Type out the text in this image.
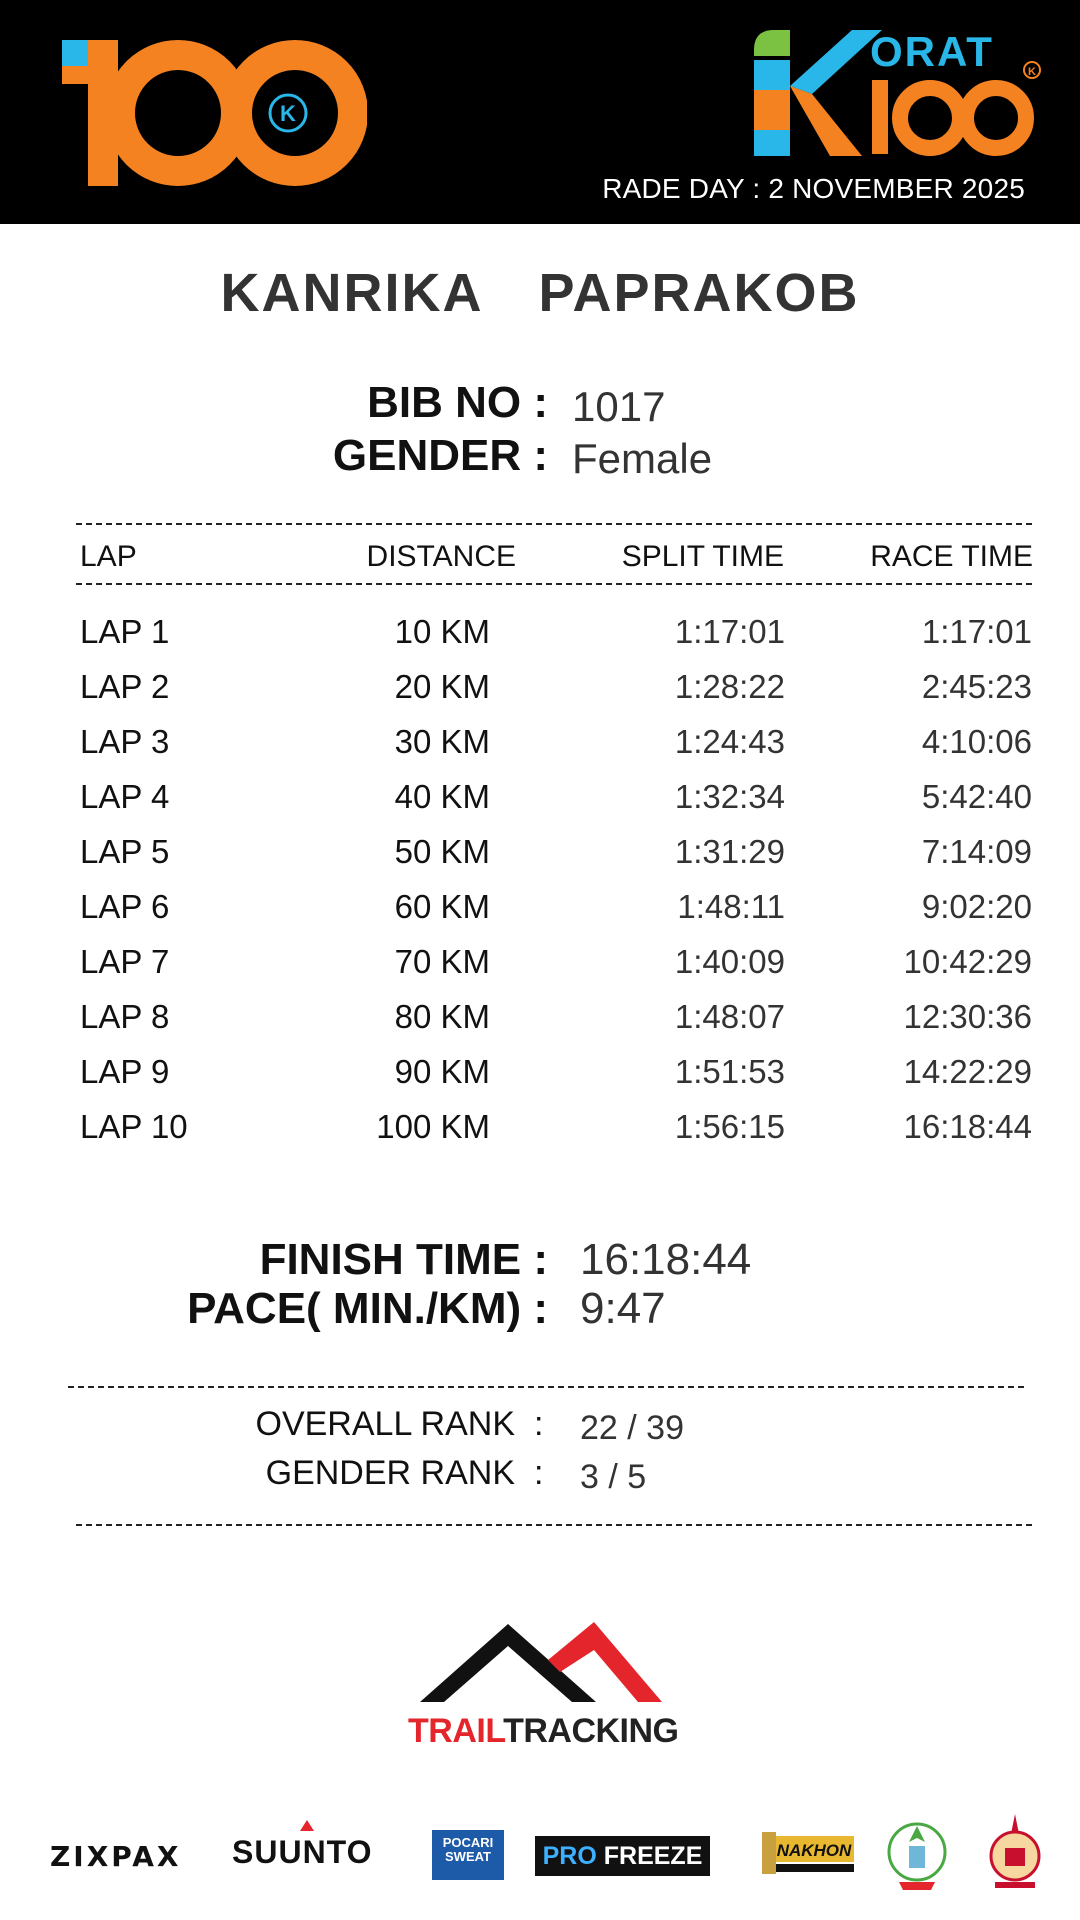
K
ORAT	K
RADE DAY : 2 NOVEMBER 2025
KANRIKA PAPRAKOB
BIB NO : 1017
GENDER : Female
LAP	DISTANCE	SPLIT TIME	RACE TIME
LAP 1	10 KM	1:17:01	1:17:01
LAP 2	20 KM	1:28:22	2:45:23
LAP 3	30 KM	1:24:43	4:10:06
LAP 4	40 KM	1:32:34	5:42:40
LAP 5	50 KM	1:31:29	7:14:09
LAP 6	60 KM	1:48:11	9:02:20
LAP 7	70 KM	1:40:09	10:42:29
LAP 8	80 KM	1:48:07	12:30:36
LAP 9	90 KM	1:51:53	14:22:29
LAP 10	100 KM	1:56:15	16:18:44
FINISH TIME : 16:18:44
PACE( MIN./KM) : 9:47
OVERALL RANK : 22 / 39
GENDER RANK : 3 / 5
TRAILTRACKING
ZIXPAX SUUNTO	POCARI SWEAT	PRO FREEZE	NAKHON
